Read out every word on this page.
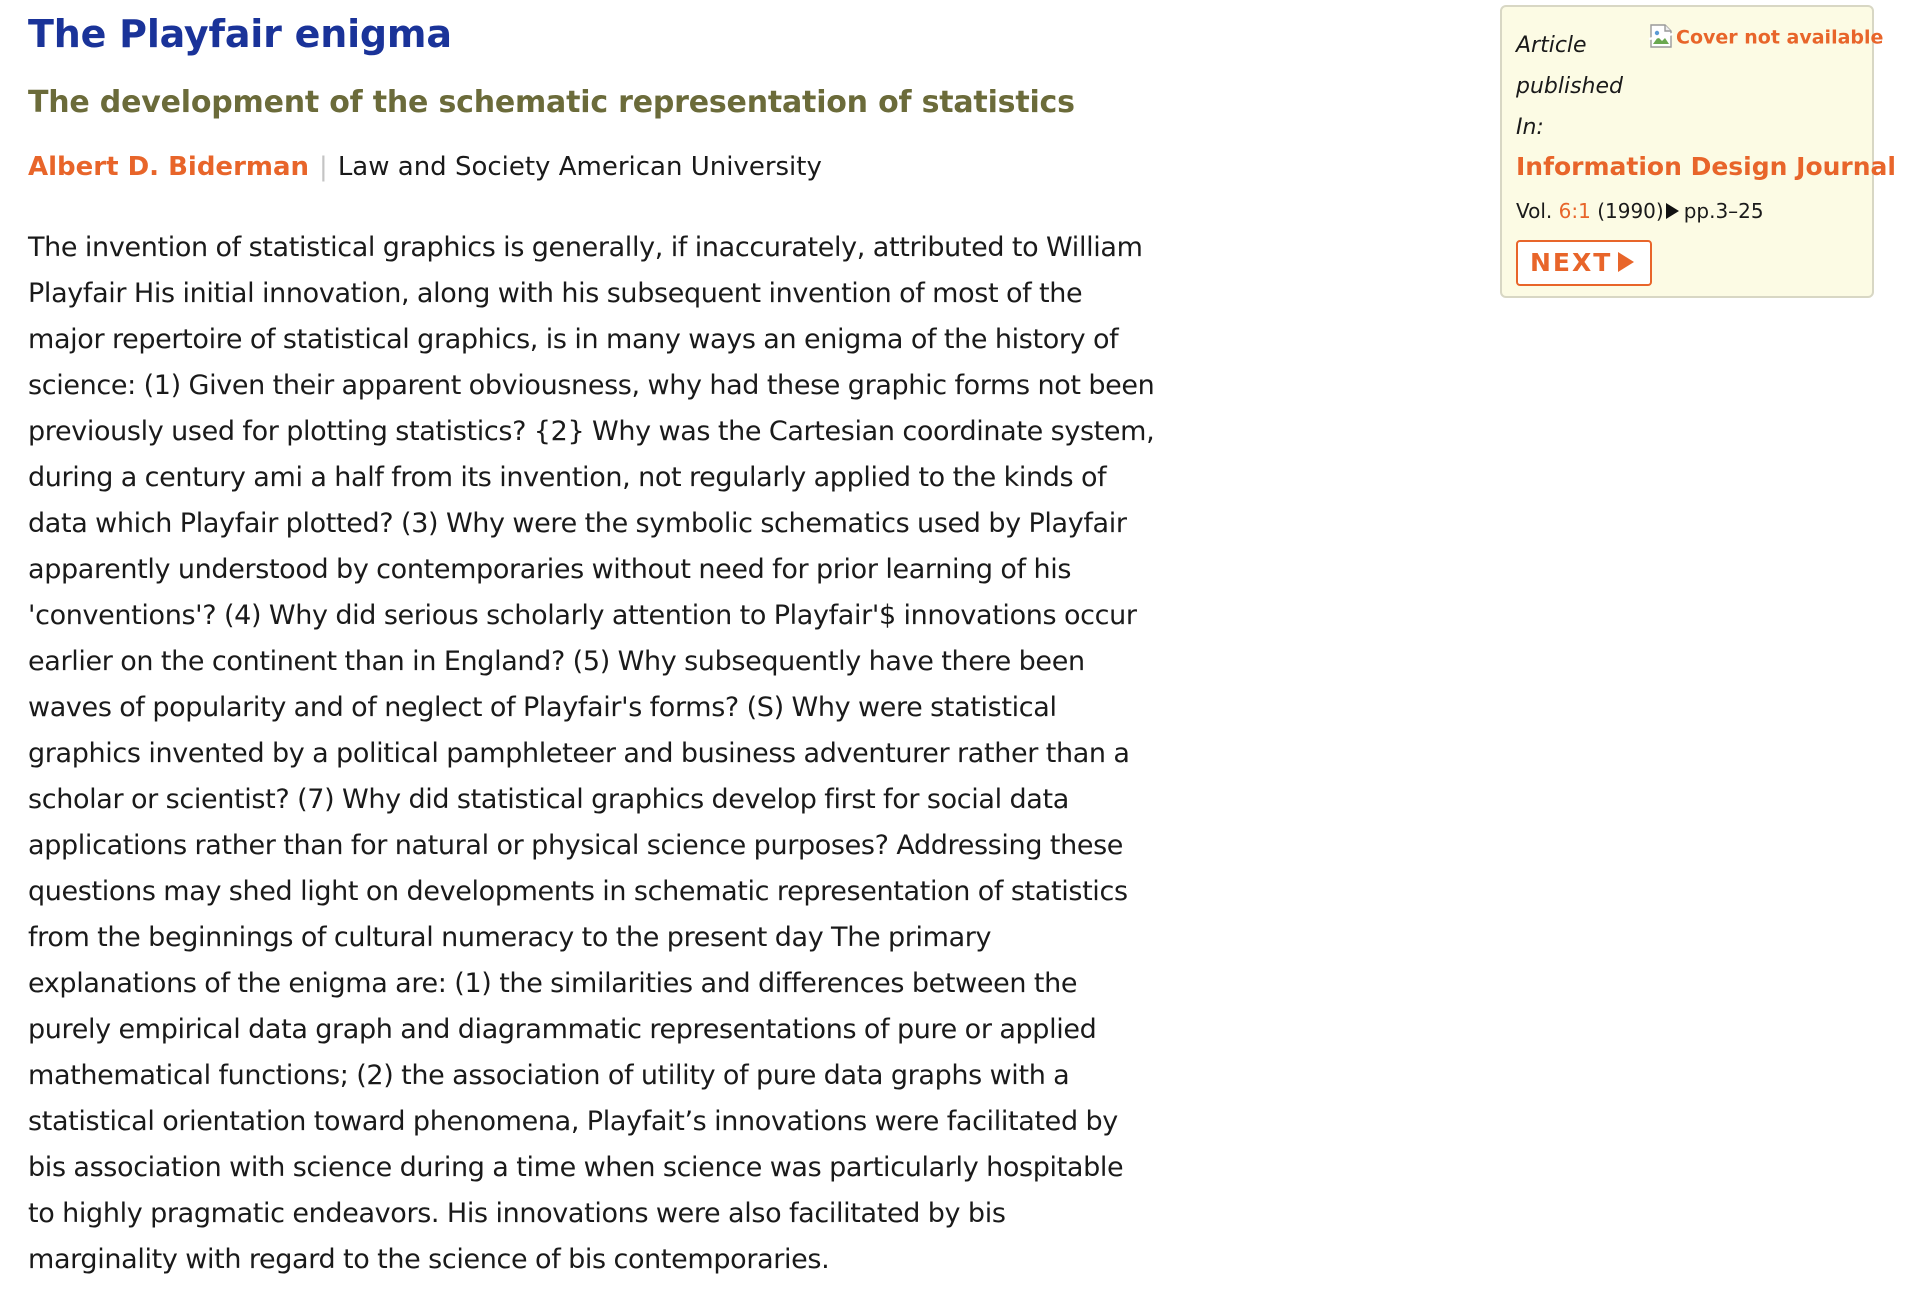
The Playfair enigma
The development of the schematic representation of statistics
Albert D. Biderman | Law and Society American University

The invention of statistical graphics is generally, if inaccurately, attributed to William
Playfair His initial innovation, along with his subsequent invention of most of the
major repertoire of statistical graphics, is in many ways an enigma of the history of
science: (1) Given their apparent obviousness, why had these graphic forms not been
previously used for plotting statistics? {2} Why was the Cartesian coordinate system,
during a century ami a half from its invention, not regularly applied to the kinds of
data which Playfair plotted? (3) Why were the symbolic schematics used by Playfair
apparently understood by contemporaries without need for prior learning of his
'conventions'? (4) Why did serious scholarly attention to Playfair'$ innovations occur
earlier on the continent than in England? (5) Why subsequently have there been
waves of popularity and of neglect of Playfair's forms? (S) Why were statistical
graphics invented by a political pamphleteer and business adventurer rather than a
scholar or scientist? (7) Why did statistical graphics develop first for social data
applications rather than for natural or physical science purposes? Addressing these
questions may shed light on developments in schematic representation of statistics
from the beginnings of cultural numeracy to the present day The primary
explanations of the enigma are: (1) the similarities and differences between the
purely empirical data graph and diagrammatic representations of pure or applied
mathematical functions; (2) the association of utility of pure data graphs with a
statistical orientation toward phenomena, Playfait’s innovations were facilitated by
bis association with science during a time when science was particularly hospitable
to highly pragmatic endeavors. His innovations were also facilitated by bis
marginality with regard to the science of bis contemporaries.

Article
published
In:
Cover not available
Information Design Journal
Vol. 6:1 (1990) pp.3–25
NEXT
